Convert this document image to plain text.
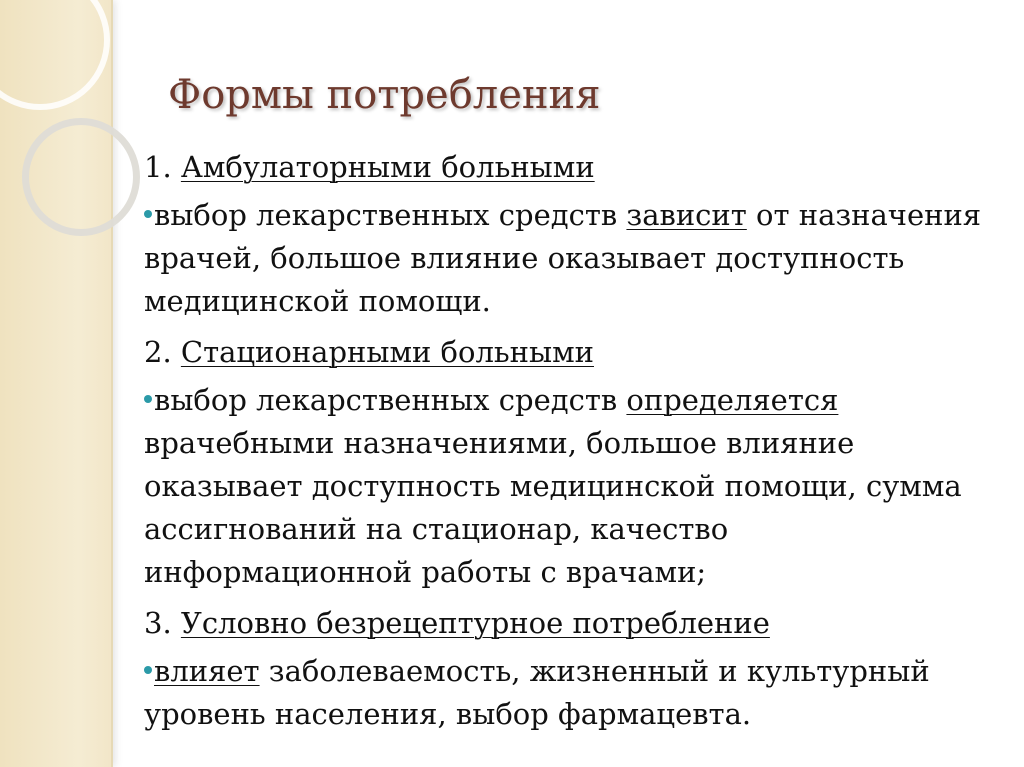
Формы потребления

1. Амбулаторными больными

выбор лекарственных средств зависит от назначения врачей, большое влияние оказывает доступность медицинской помощи.

2. Стационарными больными

выбор лекарственных средств определяется врачебными назначениями, большое влияние оказывает доступность медицинской помощи, сумма ассигнований на стационар, качество информационной работы с врачами;

3. Условно безрецептурное потребление

влияет заболеваемость, жизненный и культурный уровень населения, выбор фармацевта.
